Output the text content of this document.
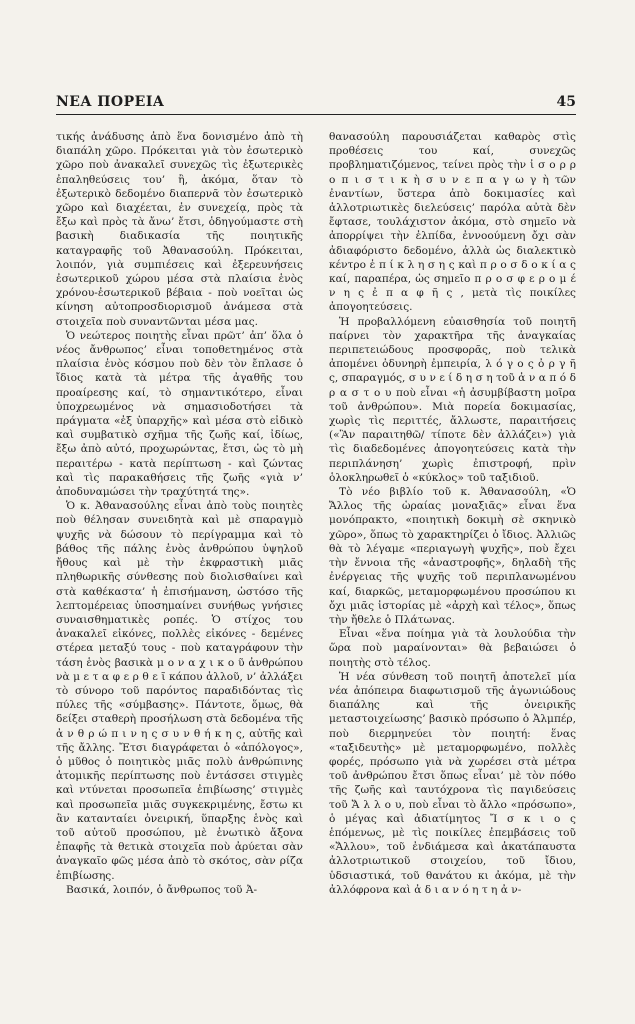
ΝΕΑ ΠΟΡΕΙΑ	45

τικής ἀνάδυσης ἀπὸ ἕνα δονισμένο ἀπὸ τὴ διαπάλη χῶρο. Πρόκειται γιὰ τὸν ἐσωτερικὸ χῶρο ποὺ ἀνακαλεῖ συνεχῶς τὶς ἐξωτερικὲς ἐπαληθεύσεις του’ ἢ, ἀκόμα, ὅταν τὸ ἐξωτερικὸ δεδομένο διαπερνᾶ τὸν ἐσωτερικὸ χῶρο καὶ διαχέεται, ἐν συνεχείᾳ, πρὸς τὰ ἔξω καὶ πρὸς τὰ ἄνω’ ἔτσι, ὁδηγούμαστε στὴ βασικὴ διαδικασία τῆς ποιητικῆς καταγραφῆς τοῦ Ἀθανασούλη. Πρόκειται, λοιπόν, γιὰ συμπιέσεις καὶ ἐξερευνήσεις ἐσωτερικοῦ χώρου μέσα στὰ πλαίσια ἑνὸς χρόνου-ἐσωτερικοῦ βέβαια - ποὺ νοεῖται ὡς κίνηση αὐτοπροσδιορισμοῦ ἀνάμεσα στὰ στοιχεῖα ποὺ συναντῶνται μέσα μας.

Ὁ νεώτερος ποιητὴς εἶναι πρῶτ’ ἀπ’ ὅλα ὁ νέος ἄνθρωπος’ εἶναι τοποθετημένος στὰ πλαίσια ἑνὸς κόσμου ποὺ δὲν τὸν ἔπλασε ὁ ἴδιος κατὰ τὰ μέτρα τῆς ἀγαθῆς του προαίρεσης καί, τὸ σημαντικότερο, εἶναι ὑποχρεωμένος νὰ σημασιοδοτήσει τὰ πράγματα «ἐξ ὑπαρχῆς» καὶ μέσα στὸ εἰδικὸ καὶ συμβατικὸ σχῆμα τῆς ζωῆς καί, ἰδίως, ἔξω ἀπὸ αὐτό, προχωρώντας, ἔτσι, ὡς τὸ μὴ περαιτέρω - κατὰ περίπτωση - καὶ ζώντας καὶ τὶς παρακαθήσεις τῆς ζωῆς «γιὰ ν’ ἀποδυναμώσει τὴν τραχύτητά της».

Ὁ κ. Ἀθανασούλης εἶναι ἀπὸ τοὺς ποιητὲς ποὺ θέλησαν συνειδητὰ καὶ μὲ σπαραγμὸ ψυχῆς νὰ δώσουν τὸ περίγραμμα καὶ τὸ βάθος τῆς πάλης ἑνὸς ἀνθρώπου ὑψηλοῦ ἤθους καὶ μὲ τὴν ἐκφραστικὴ μιᾶς πληθωρικῆς σύνθεσης ποὺ διολισθαίνει καὶ στὰ καθέκαστα’ ἡ ἐπισήμανση, ὡστόσο τῆς λεπτομέρειας ὑποσημαίνει συνήθως γνήσιες συναισθηματικὲς ροπές. Ὁ στίχος του ἀνακαλεῖ εἰκόνες, πολλὲς εἰκόνες - δεμένες στέρεα μεταξύ τους - ποὺ καταγράφουν τὴν τάση ἑνὸς βασικὰ μ ο ν α χ ι κ ο ῦ ἀνθρώπου νὰ μ ε τ α φ ε ρ θ ε ῖ κάπου ἀλλοῦ, ν’ ἀλλάξει τὸ σύνορο τοῦ παρόντος παραδιδόντας τὶς πύλες τῆς «σύμβασης». Πάντοτε, ὅμως, θὰ δείξει σταθερὴ προσήλωση στὰ δεδομένα τῆς ἀ ν θ ρ ώ π ι ν η ς σ υ ν θ ή κ η ς, αὐτῆς καὶ τῆς ἄλλης. Ἔτσι διαγράφεται ὁ «ἀπόλογος», ὁ μῦθος ὁ ποιητικὸς μιᾶς πολὺ ἀνθρώπινης ἀτομικῆς περίπτωσης ποὺ ἐντάσσει στιγμὲς καὶ ντύνεται προσωπεῖα ἐπιβίωσης’ στιγμὲς καὶ προσωπεῖα μιᾶς συγκεκριμένης, ἔστω κι ἂν κατανταίει ὀνειρική, ὕπαρξης ἑνὸς καὶ τοῦ αὐτοῦ προσώπου, μὲ ἑνωτικὸ ἄξονα ἐπαφῆς τὰ θετικὰ στοιχεῖα ποὺ ἀρύεται σὰν ἀναγκαῖο φῶς μέσα ἀπὸ τὸ σκότος, σὰν ρίζα ἐπιβίωσης.

Βασικά, λοιπόν, ὁ ἄνθρωπος τοῦ Ἀ-

θανασούλη παρουσιάζεται καθαρὸς στὶς προθέσεις του καί, συνεχῶς προβληματιζόμενος, τείνει πρὸς τὴν ἰ σ ο ρ ρ ο π ι σ τ ι κ ὴ σ υ ν ε π α γ ω γ ὴ τῶν ἐναντίων, ὕστερα ἀπὸ δοκιμασίες καὶ ἀλλοτριωτικὲς διελεύσεις’ παρόλα αὐτὰ δὲν ἔφτασε, τουλάχιστον ἀκόμα, στὸ σημεῖο νὰ ἀπορρίψει τὴν ἐλπίδα, ἐννοούμενη ὄχι σὰν ἀδιαφόριστο δεδομένο, ἀλλὰ ὡς διαλεκτικὸ κέντρο ἐ π ί κ λ η σ η ς καὶ π ρ ο σ δ ο κ ί α ς καί, παραπέρα, ὡς σημεῖο π ρ ο σ φ ε ρ ο μ έ ν η ς ἐ π α φ ῆ ς , μετὰ τὶς ποικίλες ἀπογοητεύσεις.

Ἡ προβαλλόμενη εὐαισθησία τοῦ ποιητῆ παίρνει τὸν χαρακτῆρα τῆς ἀναγκαίας περιπετειώδους προσφορᾶς, ποὺ τελικὰ ἀπομένει ὀδυνηρὴ ἐμπειρία, λ ό γ ο ς ὀ ρ γ ῆ ς, σπαραγμός, σ υ ν ε ί δ η σ η τοῦ ἀ ν α π ό δ ρ α σ τ ο υ ποὺ εἶναι «ἡ ἀσυμβίβαστη μοῖρα τοῦ ἀνθρώπου». Μιὰ πορεία δοκιμασίας, χωρὶς τὶς περιττές, ἄλλωστε, παραιτήσεις («Ἂν παραιτηθῶ/ τίποτε δὲν ἀλλάζει») γιὰ τὶς διαδεδομένες ἀπογοητεύσεις κατὰ τὴν περιπλάνηση’ χωρὶς ἐπιστροφή, πρὶν ὁλοκληρωθεῖ ὁ «κύκλος» τοῦ ταξιδιοῦ.

Τὸ νέο βιβλίο τοῦ κ. Ἀθανασούλη, «Ὁ Ἄλλος τῆς ὡραίας μοναξιᾶς» εἶναι ἕνα μονόπρακτο, «ποιητικὴ δοκιμὴ σὲ σκηνικὸ χῶρο», ὅπως τὸ χαρακτηρίζει ὁ ἴδιος. Ἀλλιῶς θὰ τὸ λέγαμε «περιαγωγὴ ψυχῆς», ποὺ ἔχει τὴν ἔννοια τῆς «ἀναστροφῆς», δηλαδὴ τῆς ἐνέργειας τῆς ψυχῆς τοῦ περιπλανωμένου καί, διαρκῶς, μεταμορφωμένου προσώπου κι ὄχι μιᾶς ἱστορίας μὲ «ἀρχὴ καὶ τέλος», ὅπως τὴν ἤθελε ὁ Πλάτωνας.

Εἶναι «ἕνα ποίημα γιὰ τὰ λουλούδια τὴν ὥρα ποὺ μαραίνονται» θὰ βεβαιώσει ὁ ποιητὴς στὸ τέλος.

Ἡ νέα σύνθεση τοῦ ποιητῆ ἀποτελεῖ μία νέα ἀπόπειρα διαφωτισμοῦ τῆς ἀγωνιώδους διαπάλης καὶ τῆς ὀνειρικῆς μεταστοιχείωσης’ βασικὸ πρόσωπο ὁ Ἀλμπέρ, ποὺ διερμηνεύει τὸν ποιητή: ἕνας «ταξιδευτὴς» μὲ μεταμορφωμένο, πολλὲς φορές, πρόσωπο γιὰ νὰ χωρέσει στὰ μέτρα τοῦ ἀνθρώπου ἔτσι ὅπως εἶναι’ μὲ τὸν πόθο τῆς ζωῆς καὶ ταυτόχρονα τὶς παγιδεύσεις τοῦ Ἄ λ λ ο υ, ποὺ εἶναι τὸ ἄλλο «πρόσωπο», ὁ μέγας καὶ ἀδιατίμητος Ἴ σ κ ι ο ς ἑπόμενως, μὲ τὶς ποικίλες ἐπεμβάσεις τοῦ «Ἄλλου», τοῦ ἐνδιάμεσα καὶ ἀκατάπαυστα ἀλλοτριωτικοῦ στοιχείου, τοῦ ἴδιου, ὑδσιαστικά, τοῦ θανάτου κι ἀκόμα, μὲ τὴν ἀλλόφρονα καὶ ἀ δ ι α ν ό η τ η ἀ ν-
